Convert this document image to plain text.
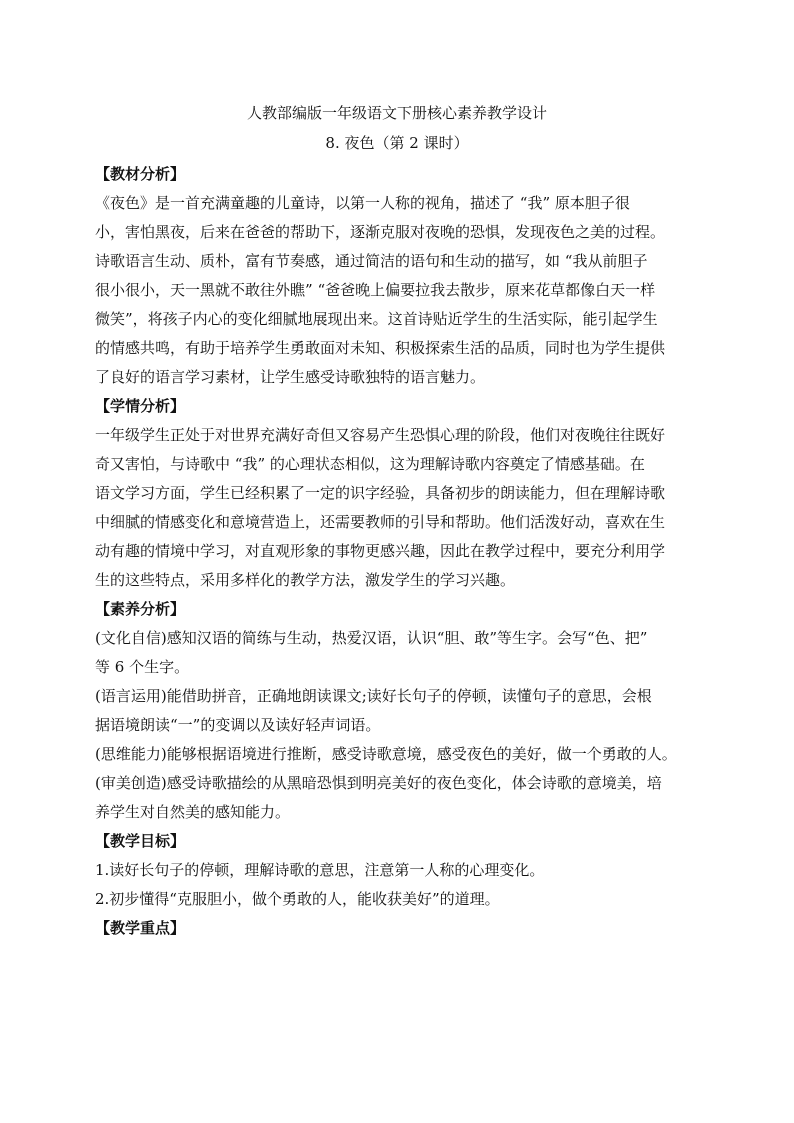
人教部编版一年级语文下册核心素养教学设计
8. 夜色（第 2 课时）
【教材分析】
《夜色》是一首充满童趣的儿童诗，以第一人称的视角，描述了 “我” 原本胆子很
小，害怕黑夜，后来在爸爸的帮助下，逐渐克服对夜晚的恐惧，发现夜色之美的过程。
诗歌语言生动、质朴，富有节奏感，通过简洁的语句和生动的描写，如 “我从前胆子
很小很小，天一黑就不敢往外瞧” “爸爸晚上偏要拉我去散步，原来花草都像白天一样
微笑”，将孩子内心的变化细腻地展现出来。这首诗贴近学生的生活实际，能引起学生
的情感共鸣，有助于培养学生勇敢面对未知、积极探索生活的品质，同时也为学生提供
了良好的语言学习素材，让学生感受诗歌独特的语言魅力。
【学情分析】
一年级学生正处于对世界充满好奇但又容易产生恐惧心理的阶段，他们对夜晚往往既好
奇又害怕，与诗歌中 “我” 的心理状态相似，这为理解诗歌内容奠定了情感基础。在
语文学习方面，学生已经积累了一定的识字经验，具备初步的朗读能力，但在理解诗歌
中细腻的情感变化和意境营造上，还需要教师的引导和帮助。他们活泼好动，喜欢在生
动有趣的情境中学习，对直观形象的事物更感兴趣，因此在教学过程中，要充分利用学
生的这些特点，采用多样化的教学方法，激发学生的学习兴趣。
【素养分析】
(文化自信)感知汉语的简练与生动，热爱汉语，认识“胆、敢”等生字。会写“色、把”
等 6 个生字。
(语言运用)能借助拼音，正确地朗读课文;读好长句子的停顿，读懂句子的意思，会根
据语境朗读“一”的变调以及读好轻声词语。
(思维能力)能够根据语境进行推断，感受诗歌意境，感受夜色的美好，做一个勇敢的人。
(审美创造)感受诗歌描绘的从黑暗恐惧到明亮美好的夜色变化，体会诗歌的意境美，培
养学生对自然美的感知能力。
【教学目标】
1.读好长句子的停顿，理解诗歌的意思，注意第一人称的心理变化。
2.初步懂得“克服胆小，做个勇敢的人，能收获美好”的道理。
【教学重点】
